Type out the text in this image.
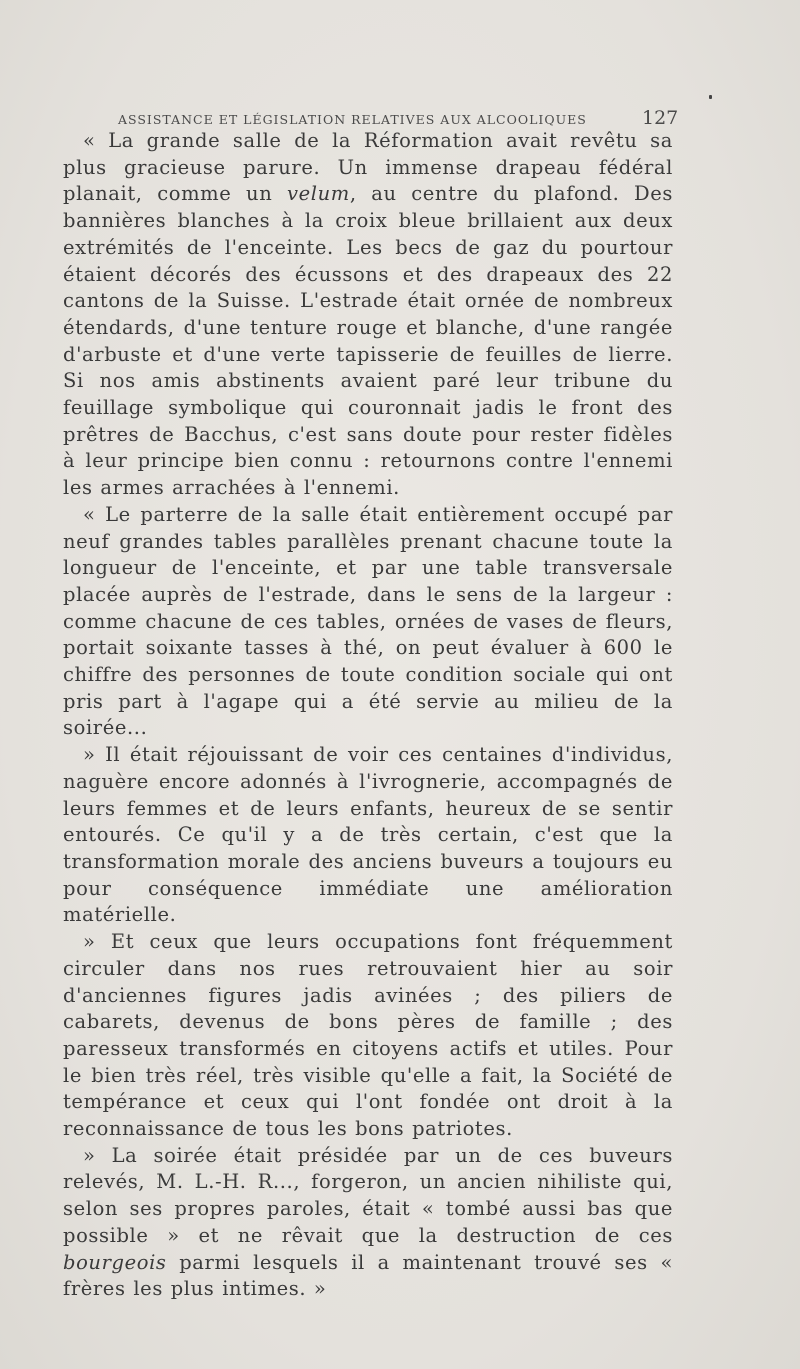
ASSISTANCE ET LÉGISLATION RELATIVES AUX ALCOOLIQUES	127

« La grande salle de la Réformation avait revêtu sa plus gracieuse parure. Un immense drapeau fédéral planait, comme un velum, au centre du plafond. Des bannières blanches à la croix bleue brillaient aux deux extrémités de l'enceinte. Les becs de gaz du pourtour étaient décorés des écussons et des drapeaux des 22 cantons de la Suisse. L'estrade était ornée de nombreux étendards, d'une tenture rouge et blanche, d'une rangée d'arbuste et d'une verte tapisserie de feuilles de lierre. Si nos amis abstinents avaient paré leur tribune du feuillage symbolique qui couronnait jadis le front des prêtres de Bacchus, c'est sans doute pour rester fidèles à leur principe bien connu : retournons contre l'ennemi les armes arrachées à l'ennemi.

« Le parterre de la salle était entièrement occupé par neuf grandes tables parallèles prenant chacune toute la longueur de l'enceinte, et par une table transversale placée auprès de l'estrade, dans le sens de la largeur : comme chacune de ces tables, ornées de vases de fleurs, portait soixante tasses à thé, on peut évaluer à 600 le chiffre des personnes de toute condition sociale qui ont pris part à l'agape qui a été servie au milieu de la soirée...

» Il était réjouissant de voir ces centaines d'individus, naguère encore adonnés à l'ivrognerie, accompagnés de leurs femmes et de leurs enfants, heureux de se sentir entourés. Ce qu'il y a de très certain, c'est que la transformation morale des anciens buveurs a toujours eu pour conséquence immédiate une amélioration matérielle.

» Et ceux que leurs occupations font fréquemment circuler dans nos rues retrouvaient hier au soir d'anciennes figures jadis avinées ; des piliers de cabarets, devenus de bons pères de famille ; des paresseux transformés en citoyens actifs et utiles. Pour le bien très réel, très visible qu'elle a fait, la Société de tempérance et ceux qui l'ont fondée ont droit à la reconnaissance de tous les bons patriotes.

» La soirée était présidée par un de ces buveurs relevés, M. L.-H. R..., forgeron, un ancien nihiliste qui, selon ses propres paroles, était « tombé aussi bas que possible » et ne rêvait que la destruction de ces bourgeois parmi lesquels il a maintenant trouvé ses « frères les plus intimes. »
